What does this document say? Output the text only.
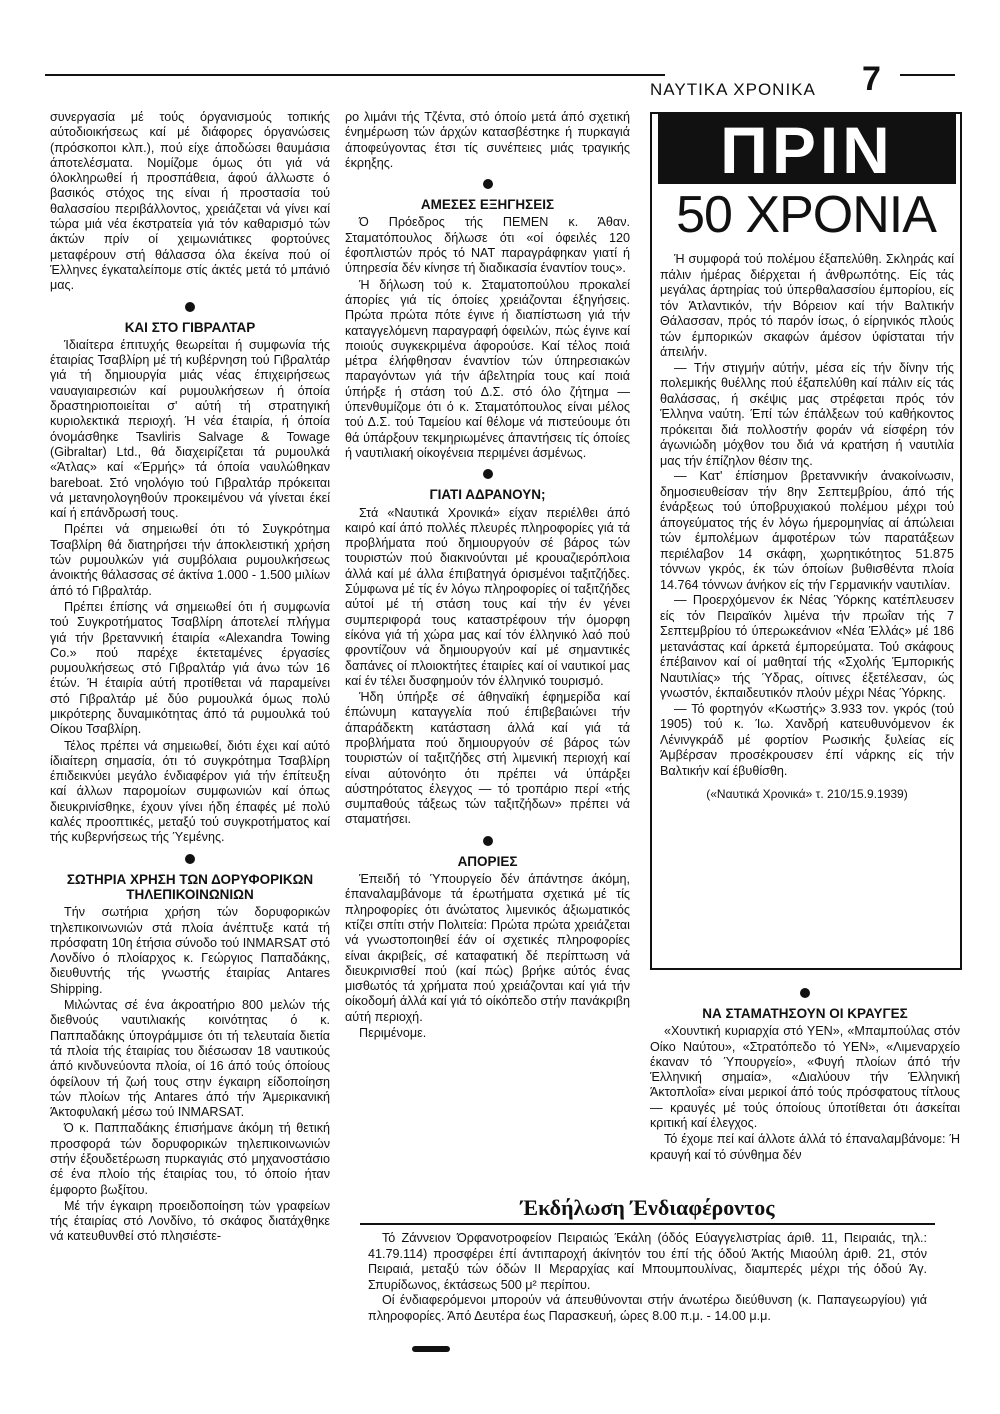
ΝΑΥΤΙΚΑ ΧΡΟΝΙΚΑ 7

συνεργασία μέ τούς όργανισμούς τοπικής αύτοδιοικήσεως καί μέ διάφορες όργανώσεις (πρόσκοποι κλπ.), πού είχε άποδώσει θαυμάσια άποτελέσματα. Νομίζομε όμως ότι γιά νά όλοκληρωθεί ή προσπάθεια, άφού άλλωστε ό βασικός στόχος της είναι ή προστασία τού θαλασσίου περιβάλλοντος, χρειάζεται νά γίνει καί τώρα μιά νέα έκστρατεία γιά τόν καθαρισμό τών άκτών πρίν οί χειμωνιάτικες φορτούνες μεταφέρουν στή θάλασσα όλα έκείνα πού οί Έλληνες έγκαταλείπομε στίς άκτές μετά τό μπάνιό μας.

ΚΑΙ ΣΤΟ ΓΙΒΡΑΛΤΑΡ

Ίδιαίτερα έπιτυχής θεωρείται ή συμφωνία τής έταιρίας Τσαβλίρη μέ τή κυβέρνηση τού Γιβραλτάρ γιά τή δημιουργία μιάς νέας έπιχειρήσεως ναυαγιαιρεσιών καί ρυμουλκήσεων ή όποία δραστηριοποιείται σ' αύτή τή στρατηγική κυριολεκτικά περιοχή. Ή νέα έταιρία, ή όποία όνομάσθηκε Tsavliris Salvage & Towage (Gibraltar) Ltd., θά διαχειρίζεται τά ρυμουλκά «Άτλας» καί «Έρμής» τά όποία ναυλώθηκαν bareboat. Στό νηολόγιο τού Γιβραλτάρ πρόκειται νά μετανηολογηθούν προκειμένου νά γίνεται έκεί καί ή επάνδρωσή τους.

Πρέπει νά σημειωθεί ότι τό Συγκρότημα Τσαβλίρη θά διατηρήσει τήν άποκλειστική χρήση τών ρυμουλκών γιά συμβόλαια ρυμουλκήσεως άνοικτής θάλασσας σέ άκτίνα 1.000 - 1.500 μιλίων άπό τό Γιβραλτάρ.

Πρέπει έπίσης νά σημειωθεί ότι ή συμφωνία τού Συγκροτήματος Τσαβλίρη άποτελεί πλήγμα γιά τήν βρεταννική έταιρία «Alexandra Towing Co.» πού παρέχε έκτεταμένες έργασίες ρυμουλκήσεως στό Γιβραλτάρ γιά άνω τών 16 έτών. Ή έταιρία αύτή προτίθεται νά παραμείνει στό Γιβραλτάρ μέ δύο ρυμουλκά όμως πολύ μικρότερης δυναμικότητας άπό τά ρυμουλκά τού Οίκου Τσαβλίρη.

Τέλος πρέπει νά σημειωθεί, διότι έχει καί αύτό ίδιαίτερη σημασία, ότι τό συγκρότημα Τσαβλίρη έπιδεικνύει μεγάλο ένδιαφέρον γιά τήν έπίτευξη καί άλλων παρομοίων συμφωνιών καί όπως διευκρινίσθηκε, έχουν γίνει ήδη έπαφές μέ πολύ καλές προοπτικές, μεταξύ τού συγκροτήματος καί τής κυβερνήσεως τής Ύεμένης.

ΣΩΤΗΡΙΑ ΧΡΗΣΗ ΤΩΝ ΔΟΡΥΦΟΡΙΚΩΝ ΤΗΛΕΠΙΚΟΙΝΩΝΙΩΝ

Τήν σωτήρια χρήση τών δορυφορικών τηλεπικοινωνιών στά πλοία άνέπτυξε κατά τή πρόσφατη 10η έτήσια σύνοδο τού INMARSAT στό Λονδίνο ό πλοίαρχος κ. Γεώργιος Παπαδάκης, διευθυντής τής γνωστής έταιρίας Antares Shipping.

Μιλώντας σέ ένα άκροατήριο 800 μελών τής διεθνούς ναυτιλιακής κοινότητας ό κ. Παππαδάκης ύπογράμμισε ότι τή τελευταία διετία τά πλοία τής έταιρίας του διέσωσαν 18 ναυτικούς άπό κινδυνεύοντα πλοία, οί 16 άπό τούς όποίους όφείλουν τή ζωή τους στην έγκαιρη είδοποίηση τών πλοίων τής Antares άπό τήν Άμερικανική Άκτοφυλακή μέσω τού INMARSAT.

Ό κ. Παππαδάκης έπισήμανε άκόμη τή θετική προσφορά τών δορυφορικών τηλεπικοινωνιών στήν έξουδετέρωση πυρκαγιάς στό μηχανοστάσιο σέ ένα πλοίο τής έταιρίας του, τό όποίο ήταν έμφορτο βωξίτου.

Μέ τήν έγκαιρη προειδοποίηση τών γραφείων τής έταιρίας στό Λονδίνο, τό σκάφος διατάχθηκε νά κατευθυνθεί στό πλησιέστε-

ρο λιμάνι τής Τζέντα, στό όποίο μετά άπό σχετική ένημέρωση τών άρχών κατασβέστηκε ή πυρκαγιά άποφεύγοντας έτσι τίς συνέπειες μιάς τραγικής έκρηξης.

ΑΜΕΣΕΣ ΕΞΗΓΗΣΕΙΣ

Ό Πρόεδρος τής ΠΕΜΕΝ κ. Άθαν. Σταματόπουλος δήλωσε ότι «οί όφειλές 120 έφοπλιστών πρός τό ΝΑΤ παραγράφηκαν γιατί ή ύπηρεσία δέν κίνησε τή διαδικασία έναντίον τους».

Ή δήλωση τού κ. Σταματοπούλου προκαλεί άπορίες γιά τίς όποίες χρειάζονται έξηγήσεις. Πρώτα πρώτα πότε έγινε ή διαπίστωση γιά τήν καταγγελόμενη παραγραφή όφειλών, πώς έγινε καί ποιούς συγκεκριμένα άφορούσε. Καί τέλος ποιά μέτρα έλήφθησαν έναντίον τών ύπηρεσιακών παραγόντων γιά τήν άβελτηρία τους καί ποιά ύπήρξε ή στάση τού Δ.Σ. στό όλο ζήτημα — ύπενθυμίζομε ότι ό κ. Σταματόπουλος είναι μέλος τού Δ.Σ. τού Ταμείου καί θέλομε νά πιστεύουμε ότι θά ύπάρξουν τεκμηριωμένες άπαντήσεις τίς όποίες ή ναυτιλιακή οίκογένεια περιμένει άσμένως.

ΓΙΑΤΙ ΑΔΡΑΝΟΥΝ;

Στά «Ναυτικά Χρονικά» είχαν περιέλθει άπό καιρό καί άπό πολλές πλευρές πληροφορίες γιά τά προβλήματα πού δημιουργούν σέ βάρος τών τουριστών πού διακινούνται μέ κρουαζιερόπλοια άλλά καί μέ άλλα έπιβατηγά όρισμένοι ταξιτζήδες. Σύμφωνα μέ τίς έν λόγω πληροφορίες οί ταξιτζήδες αύτοί μέ τή στάση τους καί τήν έν γένει συμπεριφορά τους καταστρέφουν τήν όμορφη είκόνα γιά τή χώρα μας καί τόν έλληνικό λαό πού φροντίζουν νά δημιουργούν καί μέ σημαντικές δαπάνες οί πλοιοκτήτες έταιρίες καί οί ναυτικοί μας καί έν τέλει δυσφημούν τόν έλληνικό τουρισμό.

Ήδη ύπήρξε σέ άθηναϊκή έφημερίδα καί έπώνυμη καταγγελία πού έπιβεβαιώνει τήν άπαράδεκτη κατάσταση άλλά καί γιά τά προβλήματα πού δημιουργούν σέ βάρος τών τουριστών οί ταξιτζήδες στή λιμενική περιοχή καί είναι αύτονόητο ότι πρέπει νά ύπάρξει αύστηρότατος έλεγχος — τό τροπάριο περί «τής συμπαθούς τάξεως τών ταξιτζήδων» πρέπει νά σταματήσει.

ΑΠΟΡΙΕΣ

Έπειδή τό Ύπουργείο δέν άπάντησε άκόμη, έπαναλαμβάνομε τά έρωτήματα σχετικά μέ τίς πληροφορίες ότι άνώτατος λιμενικός άξιωματικός κτίζει σπίτι στήν Πολιτεία: Πρώτα πρώτα χρειάζεται νά γνωστοποιηθεί έάν οί σχετικές πληροφορίες είναι άκριβείς, σέ καταφατική δέ περίπτωση νά διευκρινισθεί πού (καί πώς) βρήκε αύτός ένας μισθωτός τά χρήματα πού χρειάζονται καί γιά τήν οίκοδομή άλλά καί γιά τό οίκόπεδο στήν πανάκριβη αύτή περιοχή.

Περιμένομε.

ΠΡΙΝ
50 ΧΡΟΝΙΑ

Ή συμφορά τού πολέμου έξαπελύθη. Σκληράς καί πάλιν ήμέρας διέρχεται ή άνθρωπότης. Είς τάς μεγάλας άρτηρίας τού ύπερθαλασσίου έμπορίου, είς τόν Άτλαντικόν, τήν Βόρειον καί τήν Βαλτικήν Θάλασσαν, πρός τό παρόν ίσως, ό είρηνικός πλούς τών έμπορικών σκαφών άμέσον ύφίσταται τήν άπειλήν.

— Τήν στιγμήν αύτήν, μέσα είς τήν δίνην τής πολεμικής θυέλλης πού έξαπελύθη καί πάλιν είς τάς θαλάσσας, ή σκέψις μας στρέφεται πρός τόν Έλληνα ναύτη. Έπί τών έπάλξεων τού καθήκοντος πρόκειται διά πολλοστήν φοράν νά είσφέρη τόν άγωνιώδη μόχθον του διά νά κρατήση ή ναυτιλία μας τήν έπίζηλον θέσιν της.

— Κατ' έπίσημον βρεταννικήν άνακοίνωσιν, δημοσιευθείσαν τήν 8ην Σεπτεμβρίου, άπό τής ένάρξεως τού ύποβρυχιακού πολέμου μέχρι τού άπογεύματος τής έν λόγω ήμερομηνίας αί άπώλειαι τών έμπολέμων άμφοτέρων τών παρατάξεων περιέλαβον 14 σκάφη, χωρητικότητος 51.875 τόννων γκρός, έκ τών όποίων βυθισθέντα πλοία 14.764 τόννων άνήκον είς τήν Γερμανικήν ναυτιλίαν.

— Προερχόμενον έκ Νέας Ύόρκης κατέπλευσεν είς τόν Πειραϊκόν λιμένα τήν πρωΐαν τής 7 Σεπτεμβρίου τό ύπερωκεάνιον «Νέα Έλλάς» μέ 186 μετανάστας καί άρκετά έμπορεύματα. Τού σκάφους έπέβαινον καί οί μαθηταί τής «Σχολής Έμπορικής Ναυτιλίας» τής Ύδρας, οίτινες έξετέλεσαν, ώς γνωστόν, έκπαιδευτικόν πλούν μέχρι Νέας Ύόρκης.

— Τό φορτηγόν «Κωστής» 3.933 τον. γκρός (τού 1905) τού κ. Ίω. Χανδρή κατευθυνόμενον έκ Λένινγκράδ μέ φορτίον Ρωσικής ξυλείας είς Άμβέρσαν προσέκρουσεν έπί νάρκης είς τήν Βαλτικήν καί έβυθίσθη.

(«Ναυτικά Χρονικά» τ. 210/15.9.1939)

ΝΑ ΣΤΑΜΑΤΗΣΟΥΝ ΟΙ ΚΡΑΥΓΕΣ

«Χουντική κυριαρχία στό ΥΕΝ», «Μπαμπούλας στόν Οίκο Ναύτου», «Στρατόπεδο τό ΥΕΝ», «Λιμεναρχείο έκαναν τό Ύπουργείο», «Φυγή πλοίων άπό τήν Έλληνική σημαία», «Διαλύουν τήν Έλληνική Άκτοπλοΐα» είναι μερικοί άπό τούς πρόσφατους τίτλους — κραυγές μέ τούς όποίους ύποτίθεται ότι άσκείται κριτική καί έλεγχος.

Τό έχομε πεί καί άλλοτε άλλά τό έπαναλαμβάνομε: Ή κραυγή καί τό σύνθημα δέν

Έκδήλωση Ένδιαφέροντος

Τό Ζάννειον Όρφανοτροφείον Πειραιώς Έκάλη (όδός Εύαγγελιστρίας άριθ. 11, Πειραιάς, τηλ.: 41.79.114) προσφέρει έπί άντιπαροχή άκίνητόν του έπί τής όδού Άκτής Μιαούλη άριθ. 21, στόν Πειραιά, μεταξύ τών όδών ΙΙ Μεραρχίας καί Μπουμπουλίνας, διαμπερές μέχρι τής όδού Άγ. Σπυρίδωνος, έκτάσεως 500 μ² περίπου.

Οί ένδιαφερόμενοι μπορούν νά άπευθύνονται στήν άνωτέρω διεύθυνση (κ. Παπαγεωργίου) γιά πληροφορίες. Άπό Δευτέρα έως Παρασκευή, ώρες 8.00 π.μ. - 14.00 μ.μ.
